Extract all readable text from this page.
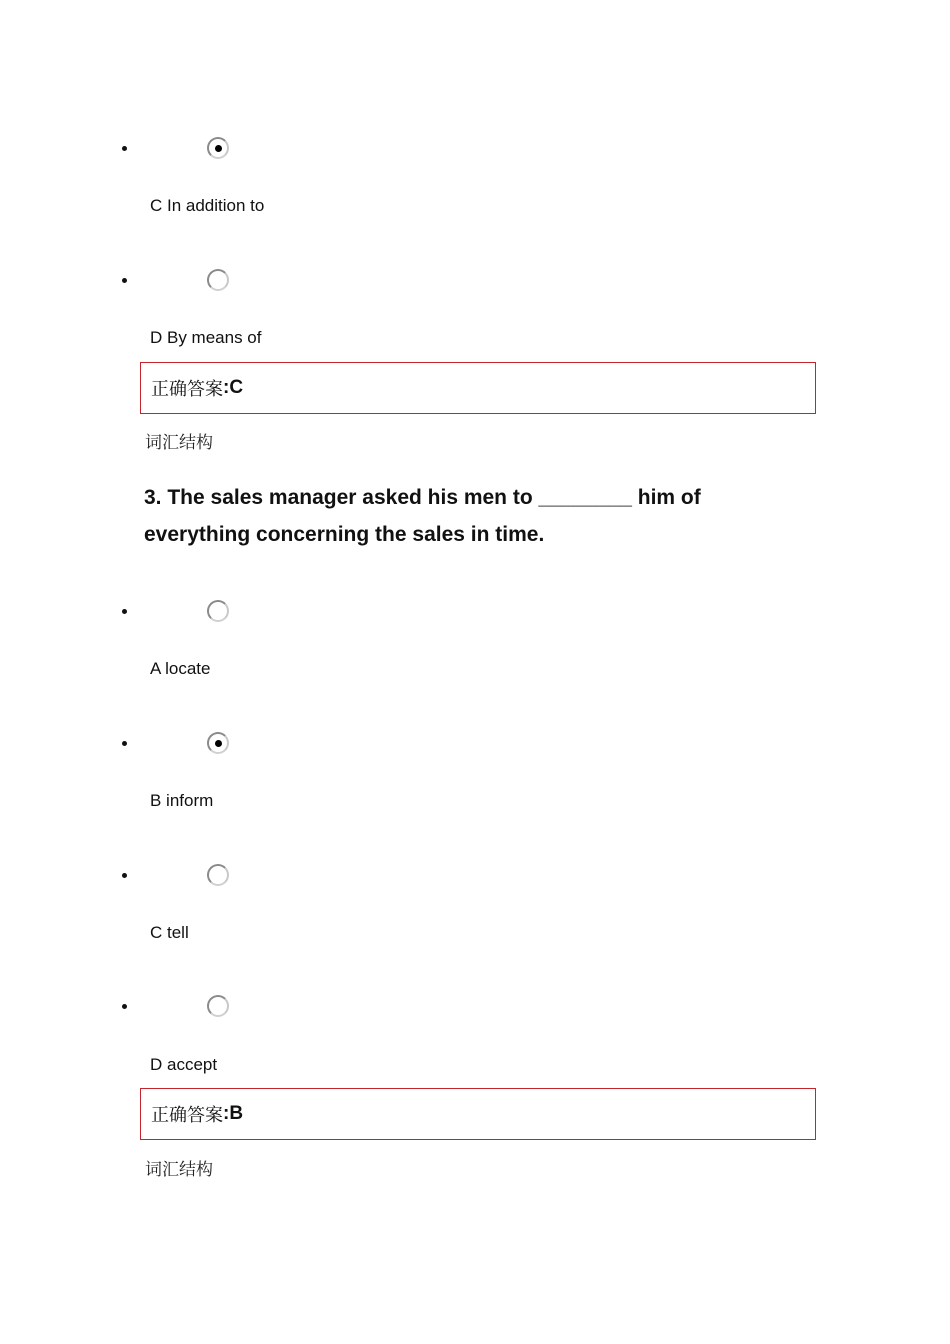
C In addition to
D By means of
正确答案 :C
词汇结构
3. The sales manager asked his men to ________ him of everything concerning the sales in time.
A locate
B inform
C tell
D accept
正确答案 :B
词汇结构
